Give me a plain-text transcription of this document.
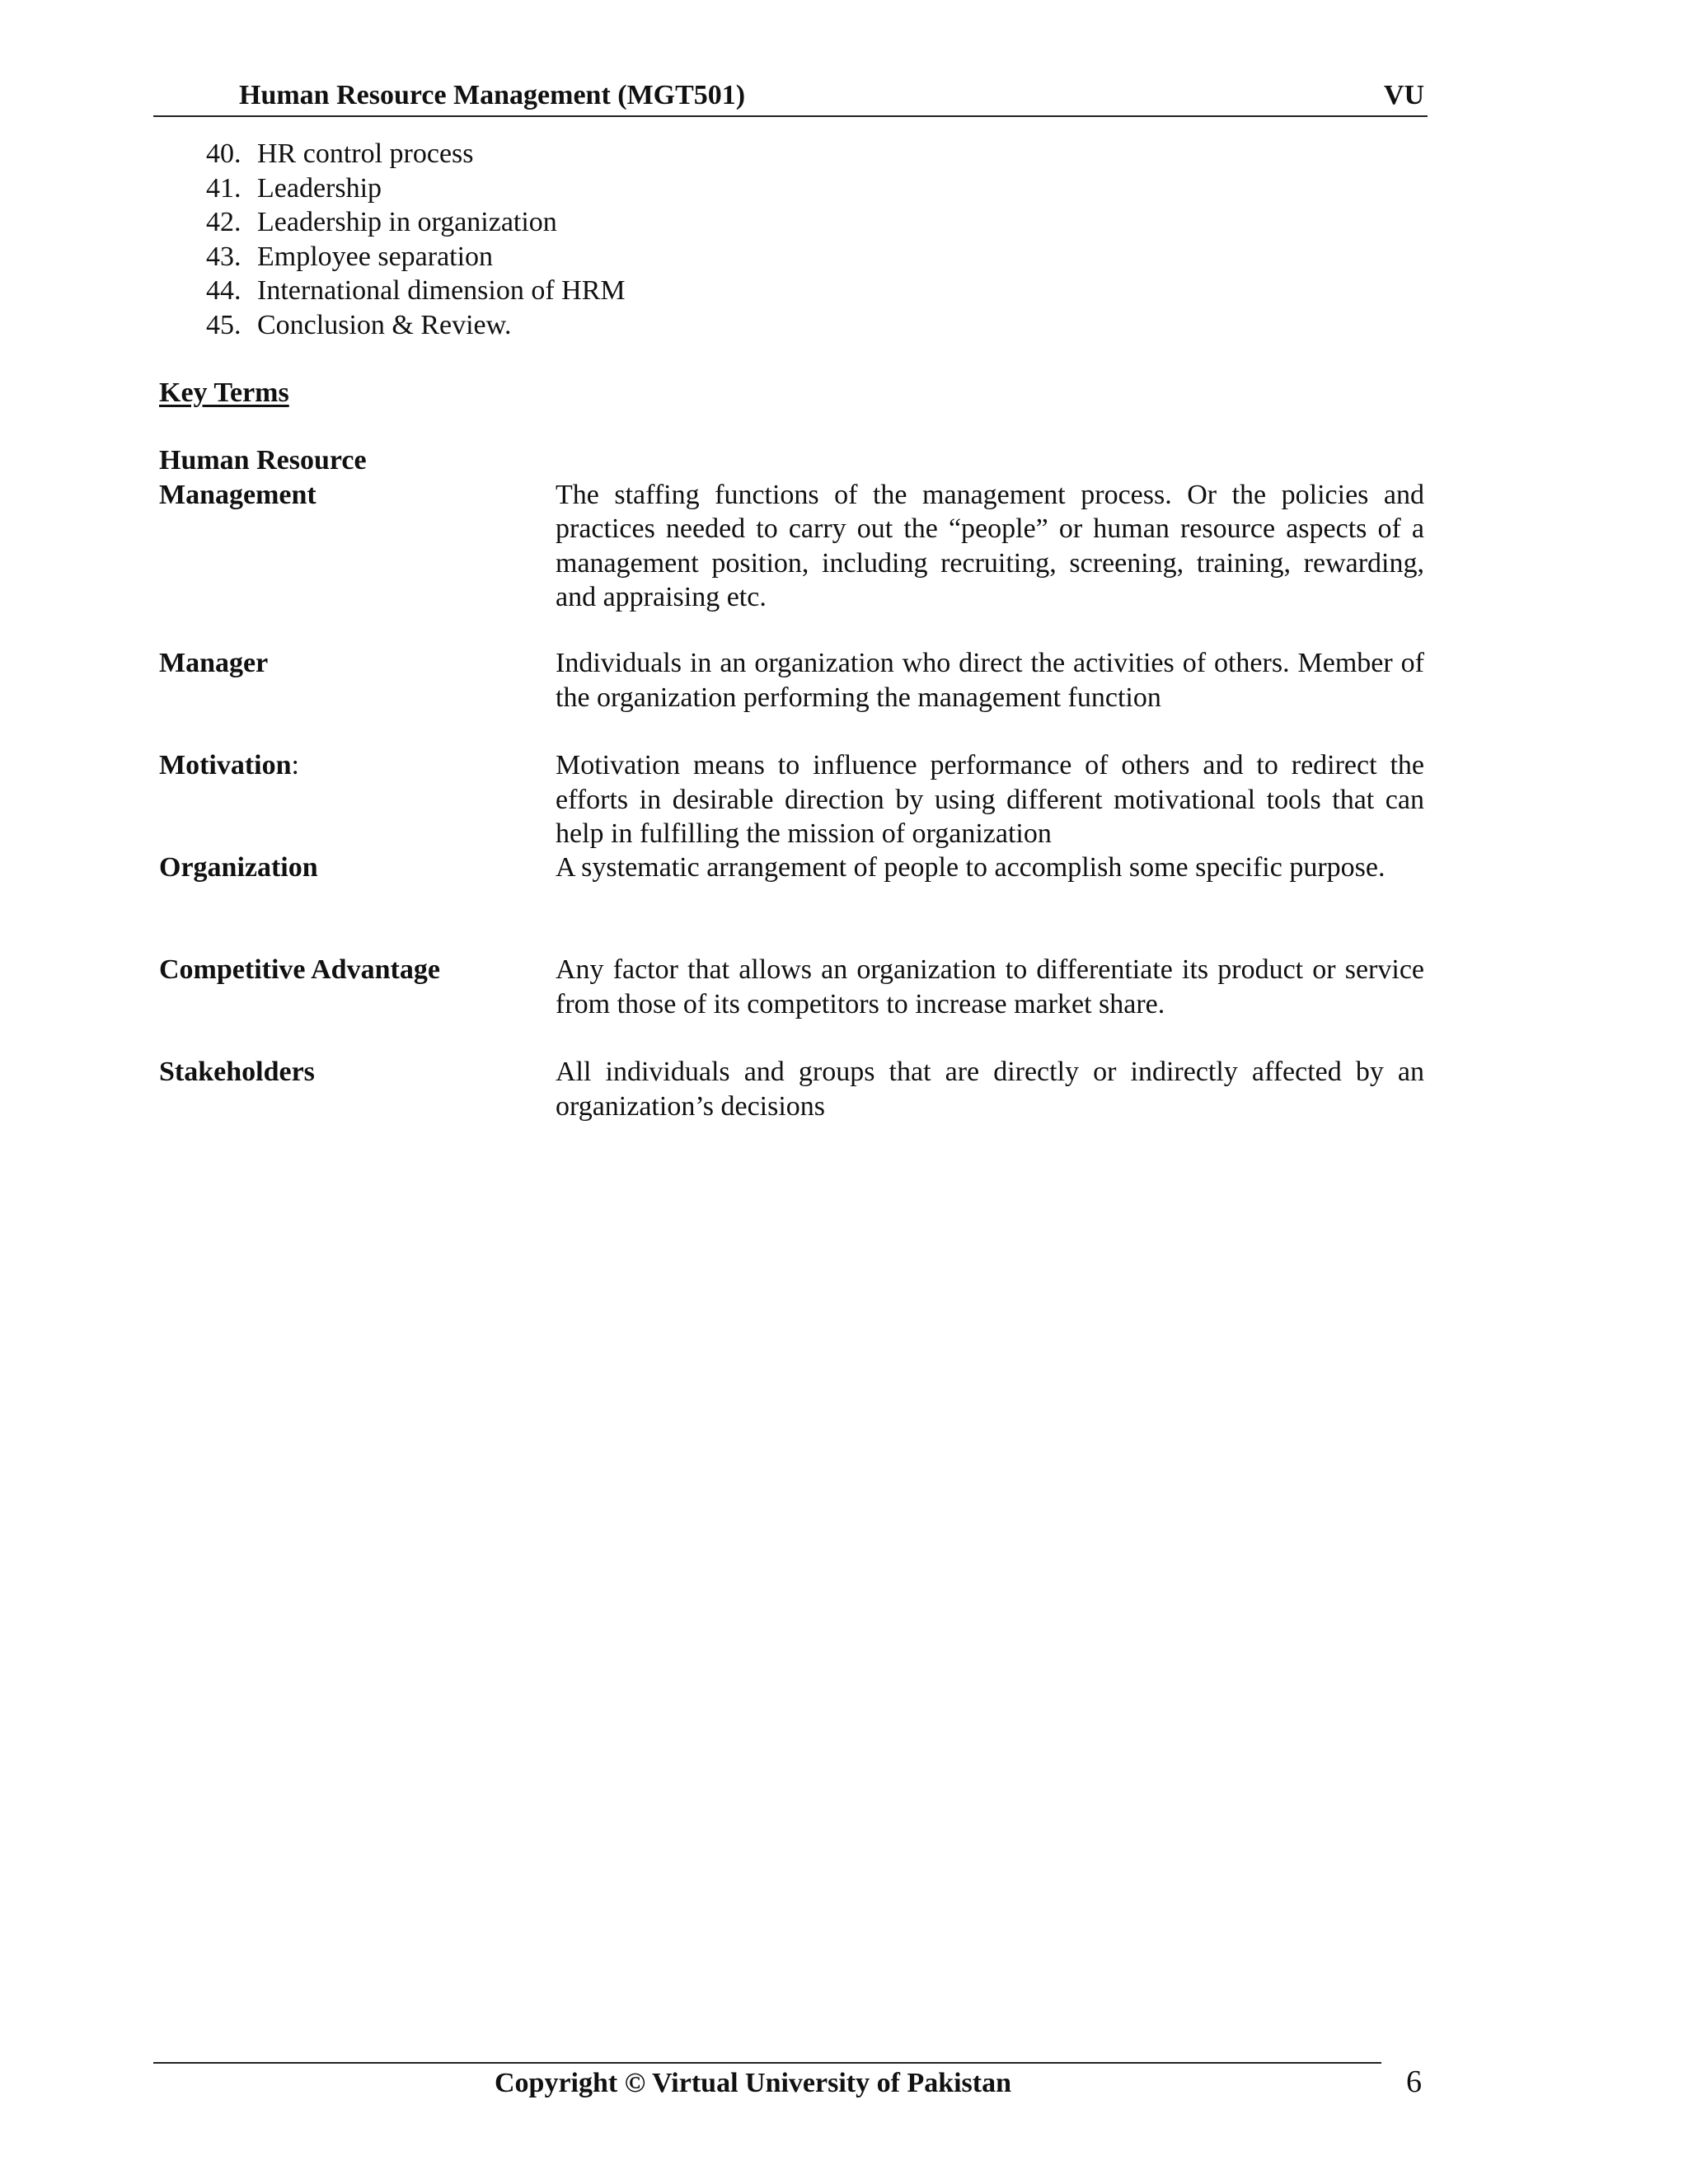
Human Resource Management (MGT501)	VU
40. HR control process
41. Leadership
42. Leadership in organization
43. Employee separation
44. International dimension of HRM
45. Conclusion & Review.
Key Terms
Human Resource
Management	The staffing functions of the management process. Or the policies and practices needed to carry out the “people” or human resource aspects of a management position, including recruiting, screening, training, rewarding, and appraising etc.
Manager	Individuals in an organization who direct the activities of others. Member of the organization performing the management function
Motivation:	Motivation means to influence performance of others and to redirect the efforts in desirable direction by using different motivational tools that can help in fulfilling the mission of organization
Organization	A systematic arrangement of people to accomplish some specific purpose.
Competitive Advantage	Any factor that allows an organization to differentiate its product or service from those of its competitors to increase market share.
Stakeholders	All individuals and groups that are directly or indirectly affected by an organization’s decisions
Copyright © Virtual University of Pakistan	6
